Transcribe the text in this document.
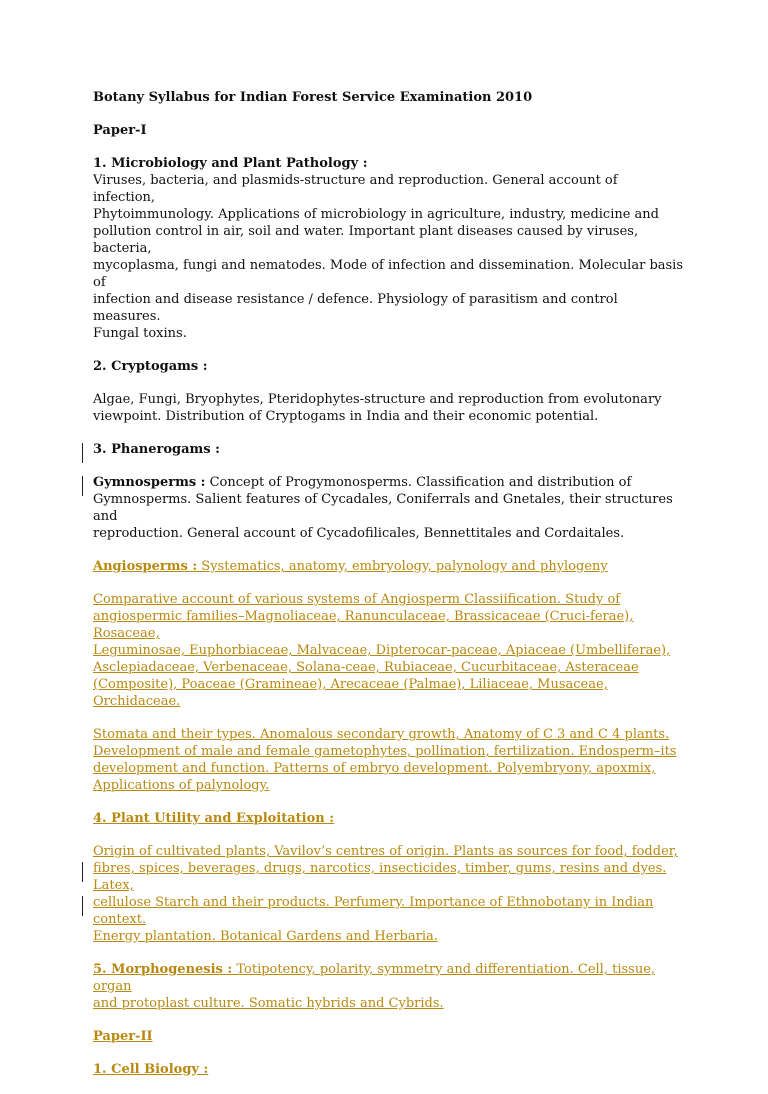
Botany Syllabus for Indian Forest Service Examination 2010

Paper-I

1. Microbiology and Plant Pathology :
Viruses, bacteria, and plasmids-structure and reproduction. General account of infection,
Phytoimmunology. Applications of microbiology in agriculture, industry, medicine and
pollution control in air, soil and water. Important plant diseases caused by viruses, bacteria,
mycoplasma, fungi and nematodes. Mode of infection and dissemination. Molecular basis of
infection and disease resistance / defence. Physiology of parasitism and control measures.
Fungal toxins.

2. Cryptogams :

Algae, Fungi, Bryophytes, Pteridophytes-structure and reproduction from evolutonary
viewpoint. Distribution of Cryptogams in India and their economic potential.

3. Phanerogams :

Gymnosperms : Concept of Progymonosperms. Classification and distribution of
Gymnosperms. Salient features of Cycadales, Coniferrals and Gnetales, their structures and
reproduction. General account of Cycadofilicales, Bennettitales and Cordaitales.

Angiosperms : Systematics, anatomy, embryology, palynology and phylogeny

Comparative account of various systems of Angiosperm Classiification. Study of
angiospermic families–Magnoliaceae, Ranunculaceae, Brassicaceae (Cruci-ferae), Rosaceae,
Leguminosae, Euphorbiaceae, Malvaceae, Dipterocar-paceae, Apiaceae (Umbelliferae),
Asclepiadaceae, Verbenaceae, Solana-ceae, Rubiaceae, Cucurbitaceae, Asteraceae
(Composite), Poaceae (Gramineae), Arecaceae (Palmae), Liliaceae, Musaceae, Orchidaceae.
Stomata and their types. Anomalous secondary growth, Anatomy of C 3 and C 4 plants.
Development of male and female gametophytes, pollination, fertilization. Endosperm–its
development and function. Patterns of embryo development. Polyembryony, apoxmix,
Applications of palynology.

4. Plant Utility and Exploitation :

Origin of cultivated plants, Vavilov’s centres of origin. Plants as sources for food, fodder,
fibres, spices, beverages, drugs, narcotics, insecticides, timber, gums, resins and dyes. Latex,
cellulose Starch and their products. Perfumery. Importance of Ethnobotany in Indian context.
Energy plantation. Botanical Gardens and Herbaria.
5. Morphogenesis : Totipotency, polarity, symmetry and differentiation. Cell, tissue, organ
and protoplast culture. Somatic hybrids and Cybrids.

Paper-II

1. Cell Biology :
